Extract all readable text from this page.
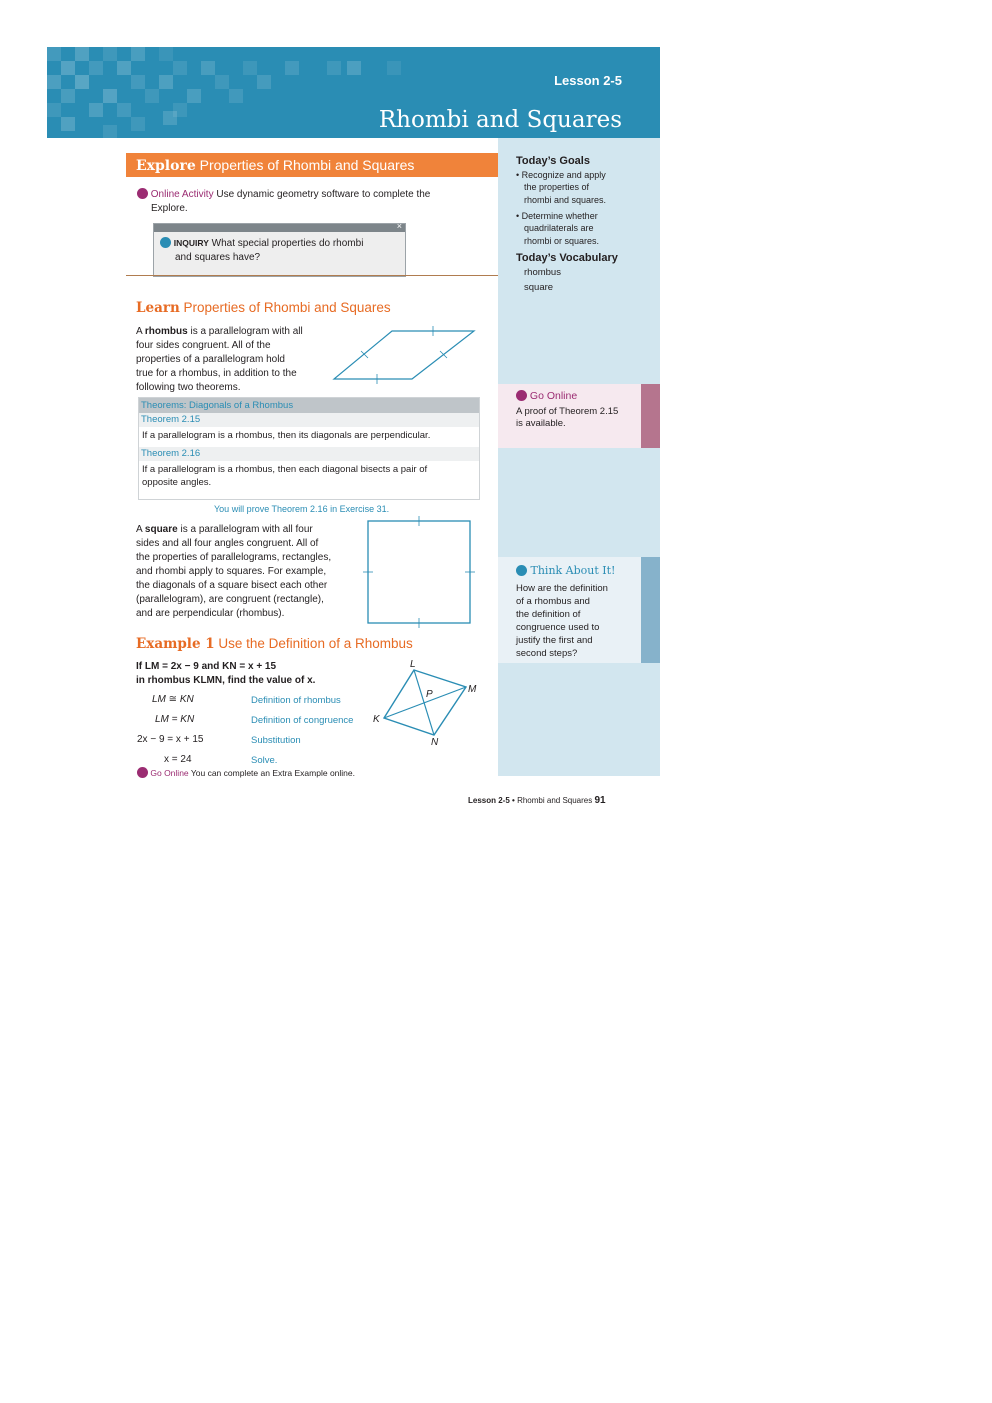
Lesson 2-5
Rhombi and Squares
Today’s Goals
• Recognize and apply
the properties of
rhombi and squares.
• Determine whether
quadrilaterals are
rhombi or squares.
Today’s Vocabulary
rhombus
square
Go Online
A proof of Theorem 2.15
is available.
Think About It!
How are the definition
of a rhombus and
the definition of
congruence used to
justify the first and
second steps?
Explore Properties of Rhombi and Squares
Online Activity Use dynamic geometry software to complete the
Explore.
×
INQUIRY What special properties do rhombi
and squares have?
Learn Properties of Rhombi and Squares
A rhombus is a parallelogram with all
four sides congruent. All of the
properties of a parallelogram hold
true for a rhombus, in addition to the
following two theorems.
Theorems: Diagonals of a Rhombus
Theorem 2.15
If a parallelogram is a rhombus, then its diagonals are perpendicular.
Theorem 2.16
If a parallelogram is a rhombus, then each diagonal bisects a pair of
opposite angles.
You will prove Theorem 2.16 in Exercise 31.
A square is a parallelogram with all four
sides and all four angles congruent. All of
the properties of parallelograms, rectangles,
and rhombi apply to squares. For example,
the diagonals of a square bisect each other
(parallelogram), are congruent (rectangle),
and are perpendicular (rhombus).
Example 1 Use the Definition of a Rhombus
If LM = 2x − 9 and KN = x + 15
in rhombus KLMN, find the value of x.
LM ≅ KN	Definition of rhombus
LM = KN	Definition of congruence
2x − 9 = x + 15	Substitution
x = 24	Solve.
L
M
K
N
P
Go Online You can complete an Extra Example online.
Lesson 2-5 • Rhombi and Squares 91
